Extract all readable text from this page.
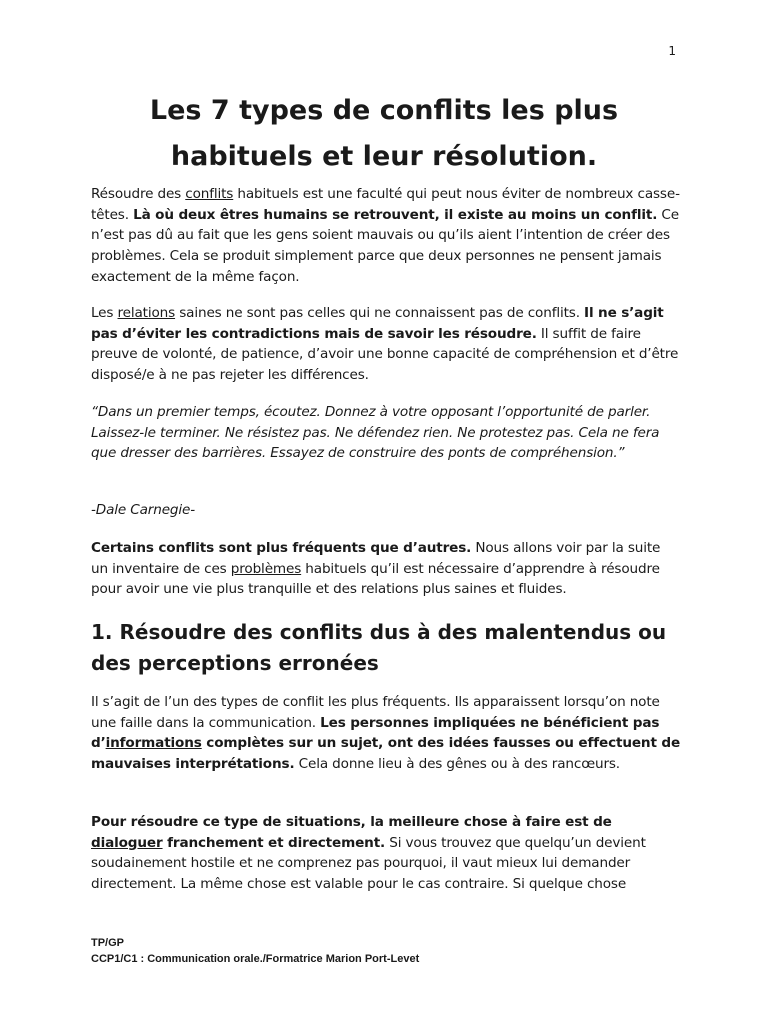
1
Les 7 types de conflits les plus habituels et leur résolution.

Résoudre des conflits habituels est une faculté qui peut nous éviter de nombreux casse-têtes. Là où deux êtres humains se retrouvent, il existe au moins un conflit. Ce n’est pas dû au fait que les gens soient mauvais ou qu’ils aient l’intention de créer des problèmes. Cela se produit simplement parce que deux personnes ne pensent jamais exactement de la même façon.

Les relations saines ne sont pas celles qui ne connaissent pas de conflits. Il ne s’agit pas d’éviter les contradictions mais de savoir les résoudre. Il suffit de faire preuve de volonté, de patience, d’avoir une bonne capacité de compréhension et d’être disposé/e à ne pas rejeter les différences.

“Dans un premier temps, écoutez. Donnez à votre opposant l’opportunité de parler. Laissez-le terminer. Ne résistez pas. Ne défendez rien. Ne protestez pas. Cela ne fera que dresser des barrières. Essayez de construire des ponts de compréhension.”

-Dale Carnegie-

Certains conflits sont plus fréquents que d’autres. Nous allons voir par la suite un inventaire de ces problèmes habituels qu’il est nécessaire d’apprendre à résoudre pour avoir une vie plus tranquille et des relations plus saines et fluides.

1. Résoudre des conflits dus à des malentendus ou des perceptions erronées

Il s’agit de l’un des types de conflit les plus fréquents. Ils apparaissent lorsqu’on note une faille dans la communication. Les personnes impliquées ne bénéficient pas d’informations complètes sur un sujet, ont des idées fausses ou effectuent de mauvaises interprétations. Cela donne lieu à des gênes ou à des rancœurs.

Pour résoudre ce type de situations, la meilleure chose à faire est de dialoguer franchement et directement. Si vous trouvez que quelqu’un devient soudainement hostile et ne comprenez pas pourquoi, il vaut mieux lui demander directement. La même chose est valable pour le cas contraire. Si quelque chose

TP/GP
CCP1/C1 : Communication orale./Formatrice Marion Port-Levet
